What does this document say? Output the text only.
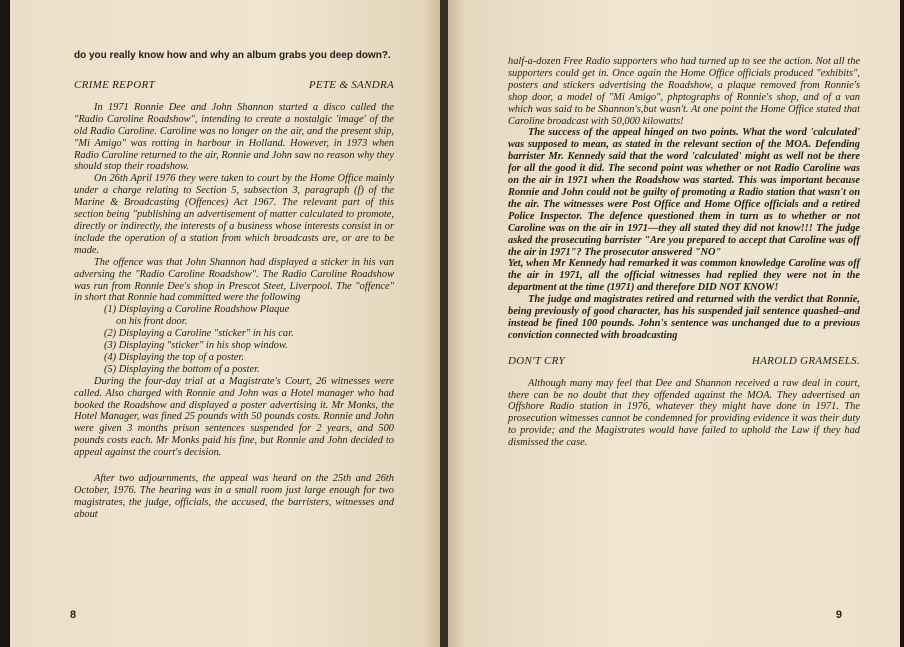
do you really know how and why an album grabs you deep down?.
CRIME REPORT	PETE & SANDRA

In 1971 Ronnie Dee and John Shannon started a disco called the "Radio Caroline Roadshow", intending to create a nostalgic 'image' of the old Radio Caroline. Caroline was no longer on the air, and the present ship, "Mi Amigo" was rotting in harbour in Holland. However, in 1973 when Radio Caroline returned to the air, Ronnie and John saw no reason why they should stop their roadshow.

On 26th April 1976 they were taken to court by the Home Office mainly under a charge relating to Section 5, subsection 3, paragraph (f) of the Marine & Broadcasting (Offences) Act 1967. The relevant part of this section being "publishing an advertisement of matter calculated to promote, directly or indirectly, the interests of a business whose interests consist in or include the operation of a station from which broadcasts are, or are to be made.

The offence was that John Shannon had displayed a sticker in his van adversing the "Radio Caroline Roadshow". The Radio Caroline Roadshow was run from Ronnie Dee's shop in Prescot Steet, Liverpool. The "offence" in short that Ronnie had committed were the following

(1) Displaying a Caroline Roadshow Plaque
on his front door.
(2) Displaying a Caroline "sticker" in his car.
(3) Displaying "sticker" in his shop window.
(4) Displaying the top of a poster.
(5) Displaying the bottom of a poster.

During the four-day trial at a Magistrate's Court, 26 witnesses were called. Also charged with Ronnie and John was a Hotel manager who had booked the Roadshow and displayed a poster advertising it. Mr Monks, the Hotel Manager, was fined 25 pounds with 50 pounds costs. Ronnie and John were given 3 months prison sentences suspended for 2 years, and 500 pounds costs each. Mr Monks paid his fine, but Ronnie and John decided to appeal against the court's decision.

After two adjournments, the appeal was heard on the 25th and 26th October, 1976. The hearing was in a small room just large enough for two magistrates, the judge, officials, the accused, the barristers, witnesses and about

8

half-a-dozen Free Radio supporters who had turned up to see the action. Not all the supporters could get in. Once again the Home Office officials produced "exhibits", posters and stickers advertising the Roadshow, a plaque removed from Ronnie's shop door, a model of "Mi Amigo", phptographs of Ronnie's shop, and of a van which was said to be Shannon's,but wasn't. At one point the Home Office stated that Caroline broadcast with 50,000 kilowatts!

The success of the appeal hinged on two points. What the word 'calculated' was supposed to mean, as stated in the relevant section of the MOA. Defending barrister Mr. Kennedy said that the word 'calculated' might as well not be there for all the good it did. The second point was whether or not Radio Caroline was on the air in 1971 when the Roadshow was started. This was important because Ronnie and John could not be guilty of promoting a Radio station that wasn't on the air. The witnesses were Post Office and Home Office officials and a retired Police Inspector. The defence questioned them in turn as to whether or not Caroline was on the air in 1971—they all stated they did not know!!! The judge asked the prosecuting barrister "Are you prepared to accept that Caroline was off the air in 1971"? The prosecutor answered "NO"

Yet, when Mr Kennedy had remarked it was common knowledge Caroline was off the air in 1971, all the official witnesses had replied they were not in the department at the time (1971) and therefore DID NOT KNOW!

The judge and magistrates retired and returned with the verdict that Ronnie, being previously of good character, has his suspended jail sentence quashed–and instead be fined 100 pounds. John's sentence was unchanged due to a previous conviction connected with broadcasting

DON'T CRY	HAROLD GRAMSELS.

Although many may feel that Dee and Shannon received a raw deal in court, there can be no doubt that they offended against the MOA. They advertised an Offshore Radio station in 1976, whatever they might have done in 1971. The prosecution witnesses cannot be condemned for providing evidence it was their duty to provide; and the Magistrates would have failed to uphold the Law if they had dismissed the case.

9
